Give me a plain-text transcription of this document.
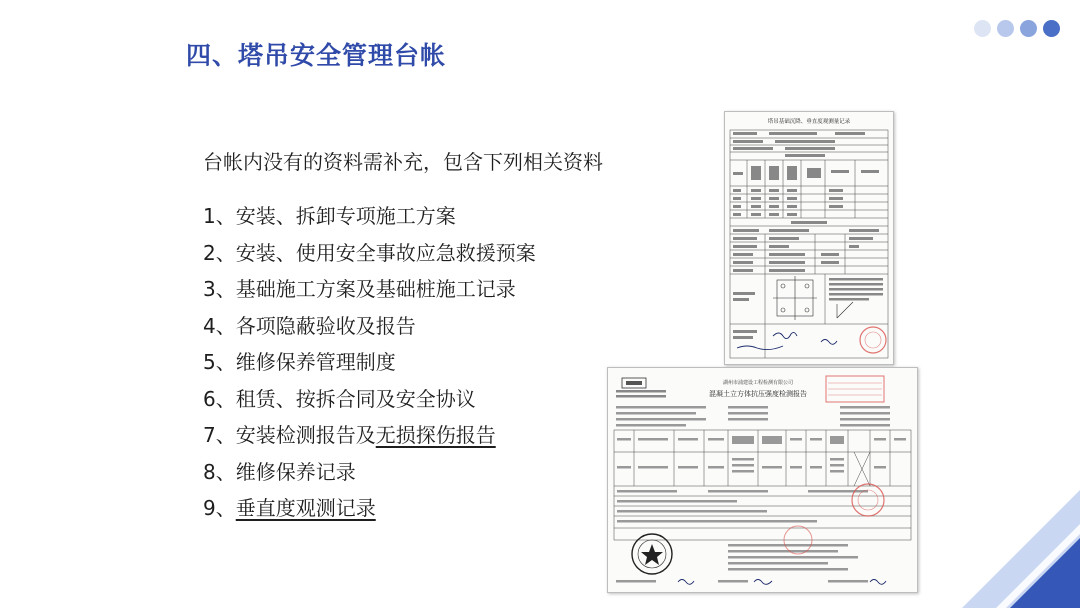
四、塔吊安全管理台帐
台帐内没有的资料需补充，包含下列相关资料
1、安装、拆卸专项施工方案
2、安装、使用安全事故应急救援预案
3、基础施工方案及基础桩施工记录
4、各项隐蔽验收及报告
5、维修保养管理制度
6、租赁、按拆合同及安全协议
7、安装检测报告及无损探伤报告
8、维修保养记录
9、垂直度观测记录
塔吊基础沉降、垂直度观测量记录
湖州市浦建设工程检测有限公司
混凝土立方体抗压强度检测报告
